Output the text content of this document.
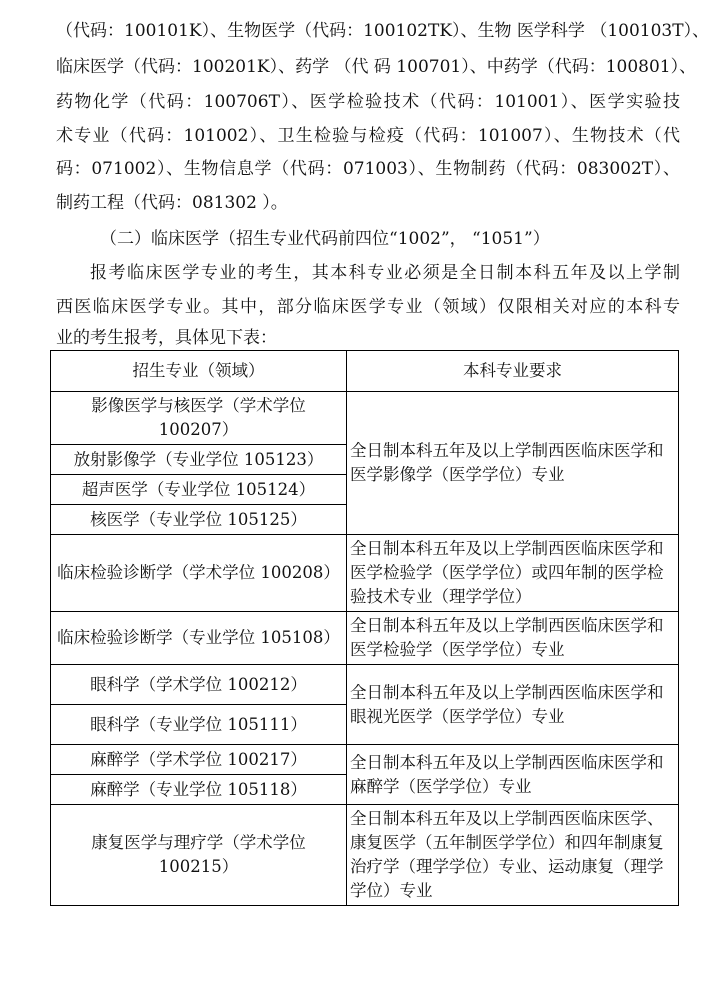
（代码：100101K）、生物医学（代码：100102TK）、生物 医学科学 （100103T）、
临床医学（代码：100201K）、药学 （代 码 100701）、中药学（代码：100801）、
药物化学（代码：100706T）、医学检验技术（代码：101001）、医学实验技
术专业（代码：101002）、卫生检验与检疫（代码：101007）、生物技术（代
码：071002）、生物信息学（代码：071003）、生物制药（代码：083002T）、
制药工程（代码：081302 ）。
（二）临床医学（招生专业代码前四位“1002”， “1051”）
报考临床医学专业的考生，其本科专业必须是全日制本科五年及以上学制
西医临床医学专业。其中，部分临床医学专业（领域）仅限相关对应的本科专
业的考生报考，具体见下表：
招生专业（领域）	本科专业要求
影像医学与核医学（学术学位 100207）	全日制本科五年及以上学制西医临床医学和医学影像学（医学学位）专业
放射影像学（专业学位 105123）	
超声医学（专业学位 105124）	
核医学（专业学位 105125）	
临床检验诊断学（学术学位 100208）	全日制本科五年及以上学制西医临床医学和医学检验学（医学学位）或四年制的医学检验技术专业（理学学位）
临床检验诊断学（专业学位 105108）	全日制本科五年及以上学制西医临床医学和医学检验学（医学学位）专业
眼科学（学术学位 100212）	全日制本科五年及以上学制西医临床医学和眼视光医学（医学学位）专业
眼科学（专业学位 105111）	
麻醉学（学术学位 100217）	全日制本科五年及以上学制西医临床医学和麻醉学（医学学位）专业
麻醉学（专业学位 105118）	
康复医学与理疗学（学术学位 100215）	全日制本科五年及以上学制西医临床医学、康复医学（五年制医学学位）和四年制康复治疗学（理学学位）专业、运动康复（理学学位）专业
